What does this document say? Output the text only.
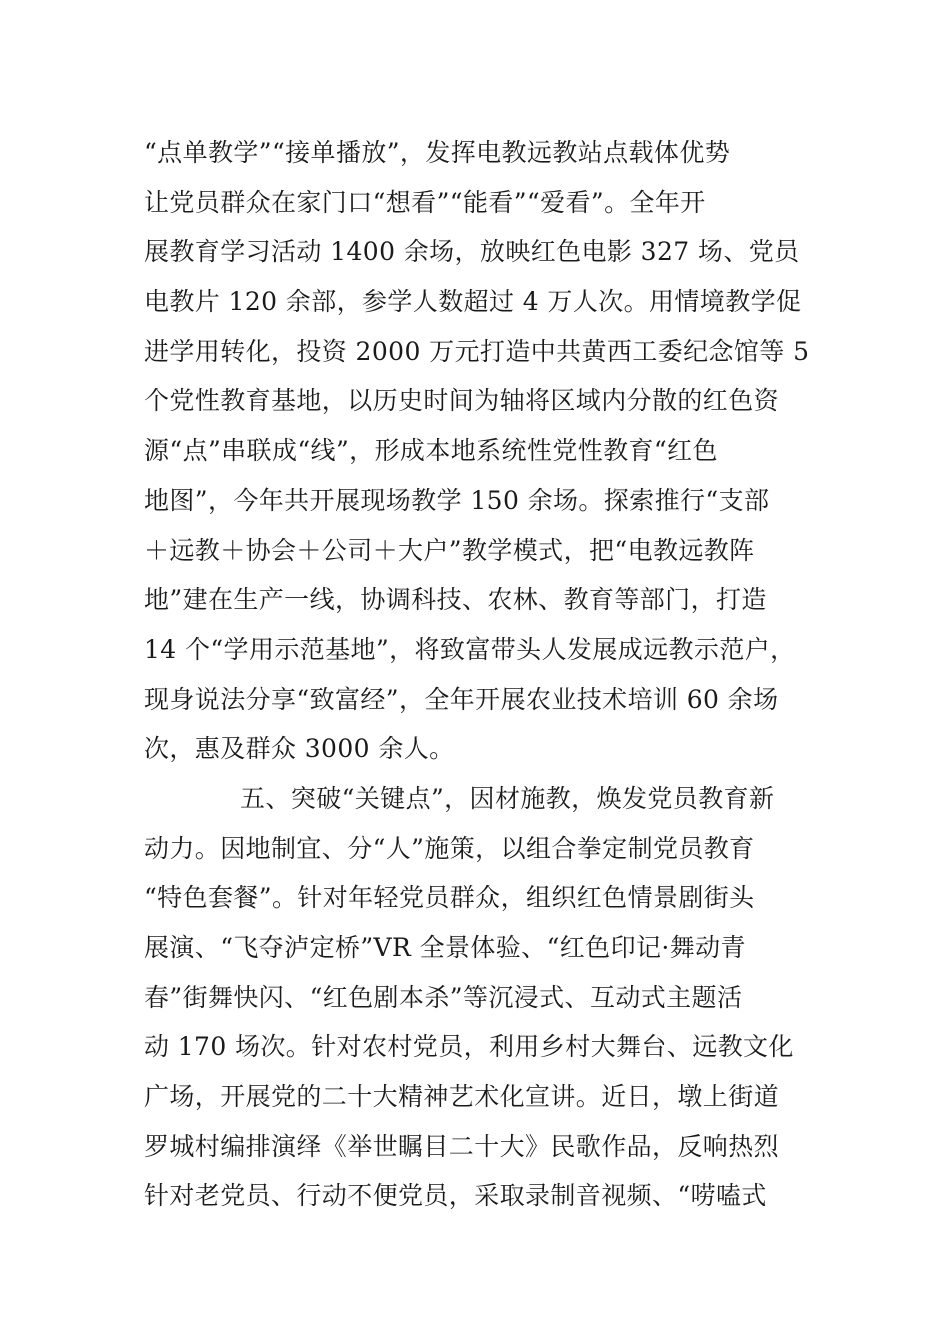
“点单教学”“接单播放”，发挥电教远教站点载体优势
让党员群众在家门口“想看”“能看”“爱看”。全年开
展教育学习活动 1400 余场，放映红色电影 327 场、党员
电教片 120 余部，参学人数超过 4 万人次。用情境教学促
进学用转化，投资 2000 万元打造中共黄西工委纪念馆等 5
个党性教育基地，以历史时间为轴将区域内分散的红色资
源“点”串联成“线”，形成本地系统性党性教育“红色
地图”，今年共开展现场教学 150 余场。探索推行“支部
＋远教＋协会＋公司＋大户”教学模式，把“电教远教阵
地”建在生产一线，协调科技、农林、教育等部门，打造
14 个“学用示范基地”，将致富带头人发展成远教示范户，
现身说法分享“致富经”，全年开展农业技术培训 60 余场
次，惠及群众 3000 余人。
五、突破“关键点”，因材施教，焕发党员教育新
动力。因地制宜、分“人”施策，以组合拳定制党员教育
“特色套餐”。针对年轻党员群众，组织红色情景剧街头
展演、“飞夺泸定桥”VR 全景体验、“红色印记·舞动青
春”街舞快闪、“红色剧本杀”等沉浸式、互动式主题活
动 170 场次。针对农村党员，利用乡村大舞台、远教文化
广场，开展党的二十大精神艺术化宣讲。近日，墩上街道
罗城村编排演绎《举世瞩目二十大》民歌作品，反响热烈
针对老党员、行动不便党员，采取录制音视频、“唠嗑式
